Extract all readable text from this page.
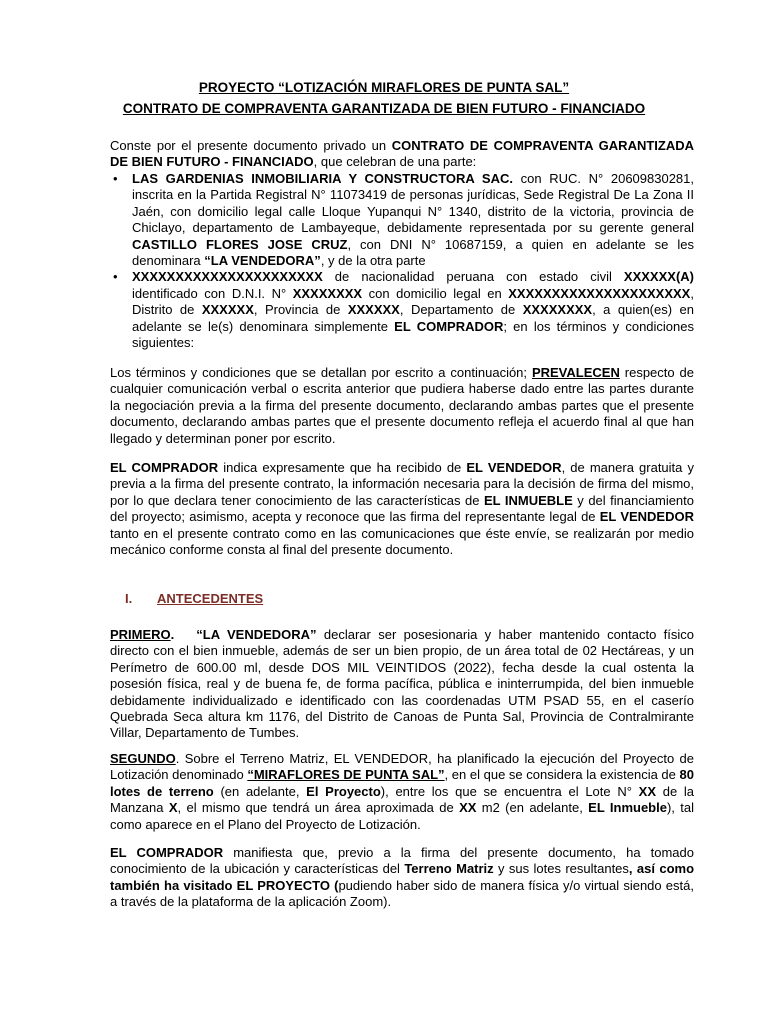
PROYECTO “LOTIZACIÓN MIRAFLORES DE PUNTA SAL”
CONTRATO DE COMPRAVENTA GARANTIZADA DE BIEN FUTURO - FINANCIADO
Conste por el presente documento privado un CONTRATO DE COMPRAVENTA GARANTIZADA DE BIEN FUTURO - FINANCIADO, que celebran de una parte:
• LAS GARDENIAS INMOBILIARIA Y CONSTRUCTORA SAC. con RUC. N° 20609830281, inscrita en la Partida Registral N° 11073419 de personas jurídicas, Sede Registral De La Zona II Jaén, con domicilio legal calle Lloque Yupanqui N° 1340, distrito de la victoria, provincia de Chiclayo, departamento de Lambayeque, debidamente representada por su gerente general CASTILLO FLORES JOSE CRUZ, con DNI N° 10687159, a quien en adelante se les denominara “LA VENDEDORA”, y de la otra parte
• XXXXXXXXXXXXXXXXXXXXXX de nacionalidad peruana con estado civil XXXXXX(A) identificado con D.N.I. N° XXXXXXXX con domicilio legal en XXXXXXXXXXXXXXXXXXXXX, Distrito de XXXXXX, Provincia de XXXXXX, Departamento de XXXXXXXX, a quien(es) en adelante se le(s) denominara simplemente EL COMPRADOR; en los términos y condiciones siguientes:
Los términos y condiciones que se detallan por escrito a continuación; PREVALECEN respecto de cualquier comunicación verbal o escrita anterior que pudiera haberse dado entre las partes durante la negociación previa a la firma del presente documento, declarando ambas partes que el presente documento, declarando ambas partes que el presente documento refleja el acuerdo final al que han llegado y determinan poner por escrito.
EL COMPRADOR indica expresamente que ha recibido de EL VENDEDOR, de manera gratuita y previa a la firma del presente contrato, la información necesaria para la decisión de firma del mismo, por lo que declara tener conocimiento de las características de EL INMUEBLE y del financiamiento del proyecto; asimismo, acepta y reconoce que las firma del representante legal de EL VENDEDOR tanto en el presente contrato como en las comunicaciones que éste envíe, se realizarán por medio mecánico conforme consta al final del presente documento.
I. ANTECEDENTES
PRIMERO. “LA VENDEDORA” declarar ser posesionaria y haber mantenido contacto físico directo con el bien inmueble, además de ser un bien propio, de un área total de 02 Hectáreas, y un Perímetro de 600.00 ml, desde DOS MIL VEINTIDOS (2022), fecha desde la cual ostenta la posesión física, real y de buena fe, de forma pacífica, pública e ininterrumpida, del bien inmueble debidamente individualizado e identificado con las coordenadas UTM PSAD 55, en el caserío Quebrada Seca altura km 1176, del Distrito de Canoas de Punta Sal, Provincia de Contralmirante Villar, Departamento de Tumbes.
SEGUNDO. Sobre el Terreno Matriz, EL VENDEDOR, ha planificado la ejecución del Proyecto de Lotización denominado “MIRAFLORES DE PUNTA SAL”, en el que se considera la existencia de 80 lotes de terreno (en adelante, El Proyecto), entre los que se encuentra el Lote N° XX de la Manzana X, el mismo que tendrá un área aproximada de XX m2 (en adelante, EL Inmueble), tal como aparece en el Plano del Proyecto de Lotización.
EL COMPRADOR manifiesta que, previo a la firma del presente documento, ha tomado conocimiento de la ubicación y características del Terreno Matriz y sus lotes resultantes, así como también ha visitado EL PROYECTO (pudiendo haber sido de manera física y/o virtual siendo está, a través de la plataforma de la aplicación Zoom).
